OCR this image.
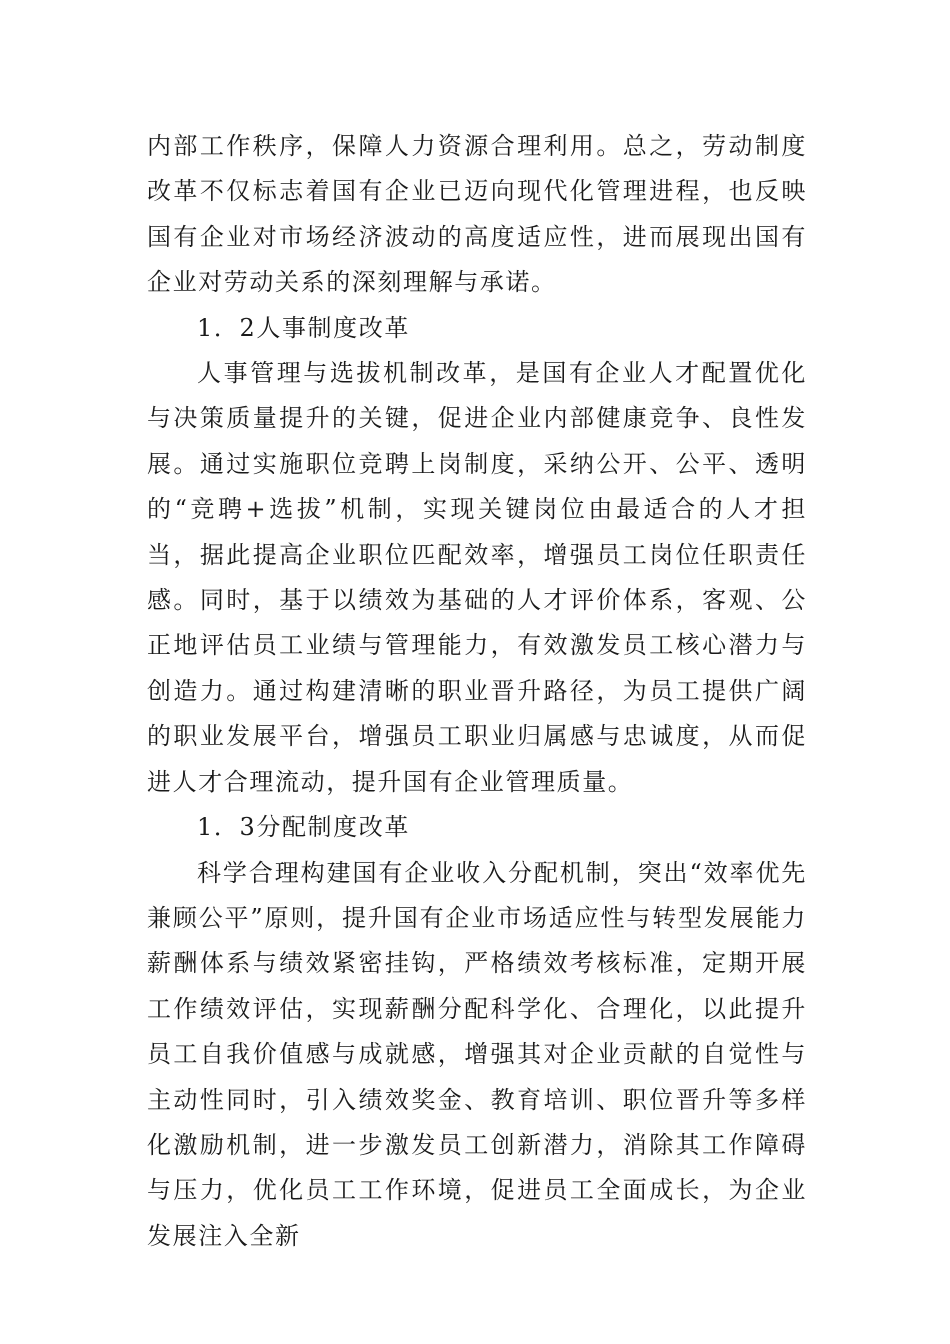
内部工作秩序，保障人力资源合理利用。总之，劳动制度改革不仅标志着国有企业已迈向现代化管理进程，也反映国有企业对市场经济波动的高度适应性，进而展现出国有企业对劳动关系的深刻理解与承诺。

1．2人事制度改革

人事管理与选拔机制改革，是国有企业人才配置优化与决策质量提升的关键，促进企业内部健康竞争、良性发展。通过实施职位竞聘上岗制度，采纳公开、公平、透明的“竞聘+选拔”机制，实现关键岗位由最适合的人才担当，据此提高企业职位匹配效率，增强员工岗位任职责任感。同时，基于以绩效为基础的人才评价体系，客观、公正地评估员工业绩与管理能力，有效激发员工核心潜力与创造力。通过构建清晰的职业晋升路径，为员工提供广阔的职业发展平台，增强员工职业归属感与忠诚度，从而促进人才合理流动，提升国有企业管理质量。

1．3分配制度改革

科学合理构建国有企业收入分配机制，突出“效率优先兼顾公平”原则，提升国有企业市场适应性与转型发展能力薪酬体系与绩效紧密挂钩，严格绩效考核标准，定期开展工作绩效评估，实现薪酬分配科学化、合理化，以此提升员工自我价值感与成就感，增强其对企业贡献的自觉性与主动性同时，引入绩效奖金、教育培训、职位晋升等多样化激励机制，进一步激发员工创新潜力，消除其工作障碍与压力，优化员工工作环境，促进员工全面成长，为企业发展注入全新
